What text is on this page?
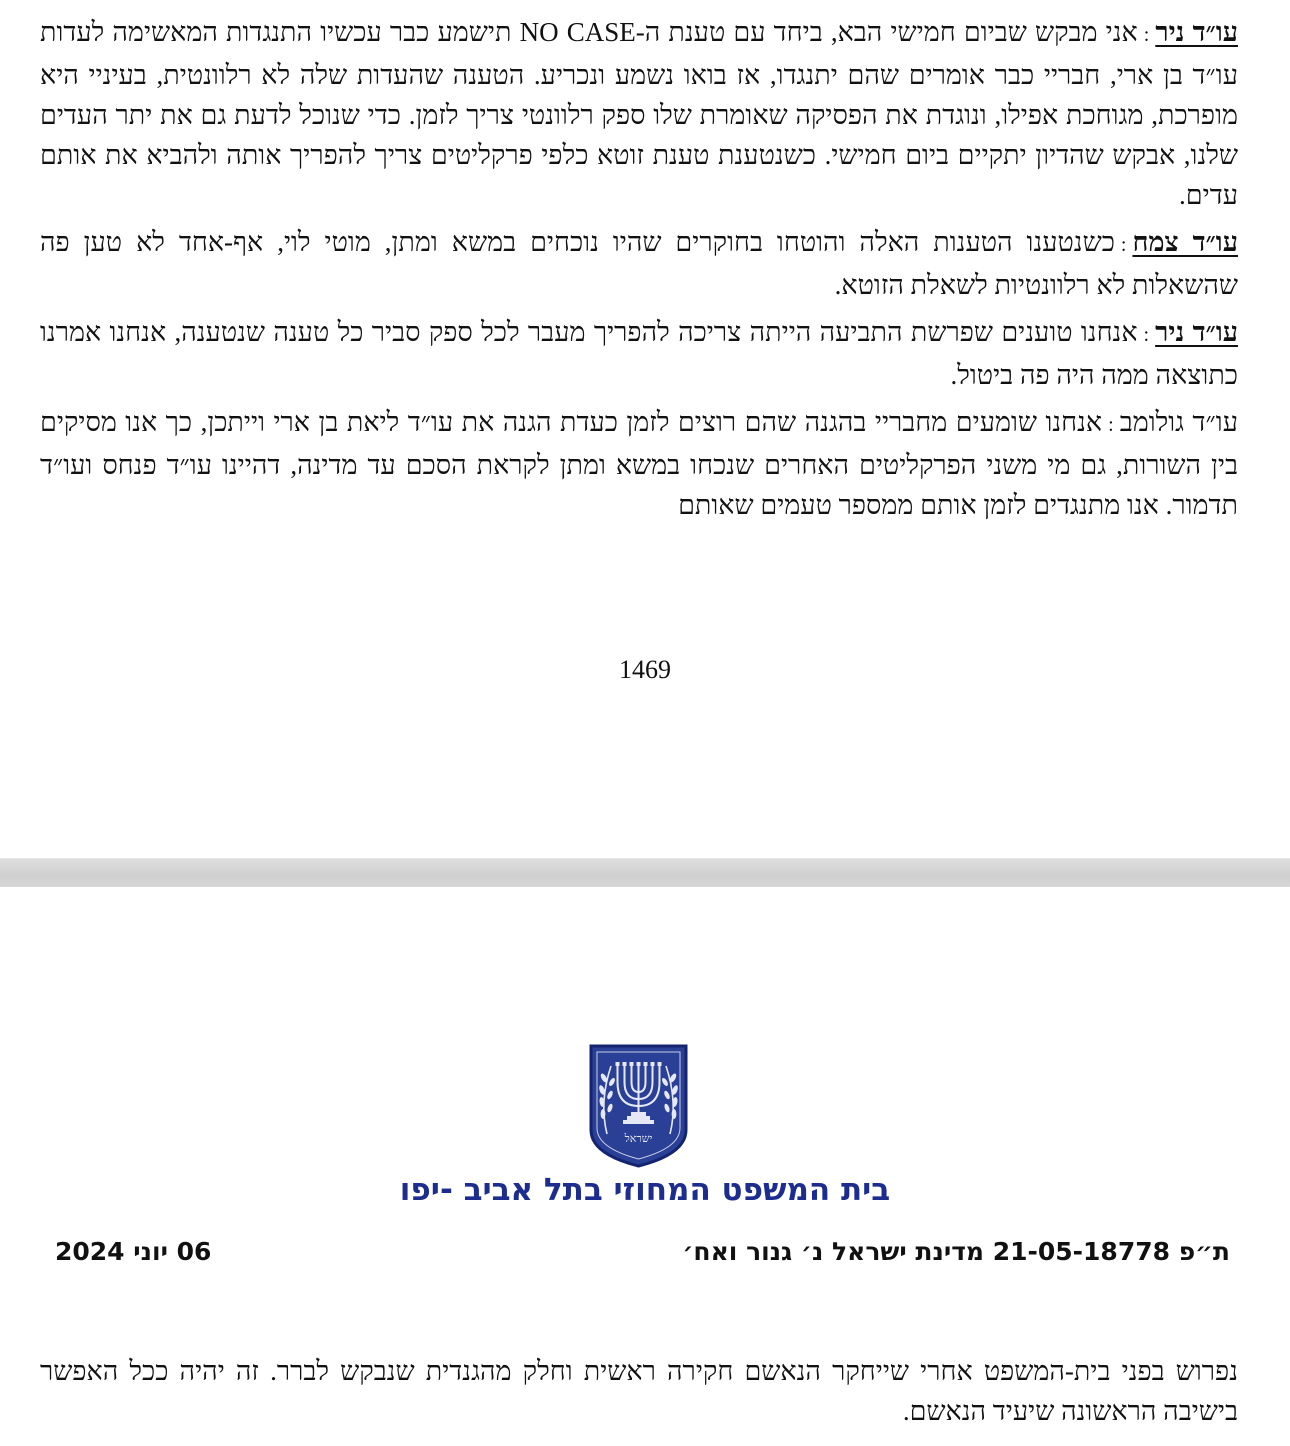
עו״ד ניר:אני מבקש שביום חמישי הבא, ביחד עם טענת ה-NO CASE תישמע כבר עכשיו התנגדות המאשימה לעדות עו״ד בן ארי, חבריי כבר אומרים שהם יתנגדו, אז בואו נשמע ונכריע. הטענה שהעדות שלה לא רלוונטית, בעיניי היא מופרכת, מגוחכת אפילו, ונוגדת את הפסיקה שאומרת שלו ספק רלוונטי צריך לזמן. כדי שנוכל לדעת גם את יתר העדים שלנו, אבקש שהדיון יתקיים ביום חמישי. כשנטענת טענת זוטא כלפי פרקליטים צריך להפריך אותה ולהביא את אותם עדים.

עו״ד צמח:כשנטענו הטענות האלה והוטחו בחוקרים שהיו נוכחים במשא ומתן, מוטי לוי, אף-אחד לא טען פה שהשאלות לא רלוונטיות לשאלת הזוטא.

עו״ד ניר:אנחנו טוענים שפרשת התביעה הייתה צריכה להפריך מעבר לכל ספק סביר כל טענה שנטענה, אנחנו אמרנו כתוצאה ממה היה פה ביטול.

עו״ד גולומב:אנחנו שומעים מחבריי בהגנה שהם רוצים לזמן כעדת הגנה את עו״ד ליאת בן ארי וייתכן, כך אנו מסיקים בין השורות, גם מי משני הפרקליטים האחרים שנכחו במשא ומתן לקראת הסכם עד מדינה, דהיינו עו״ד פנחס ועו״ד תדמור. אנו מתנגדים לזמן אותם ממספר טעמים שאותם

1469
ישראל
בית המשפט המחוזי בתל אביב -יפו
ת״פ 21-05-18778 מדינת ישראל נ׳ גנור ואח׳
06 יוני 2024
נפרוש בפני בית-המשפט אחרי שייחקר הנאשם חקירה ראשית וחלק מהגנדית שנבקש לברר. זה יהיה ככל האפשר בישיבה הראשונה שיעיד הנאשם.
